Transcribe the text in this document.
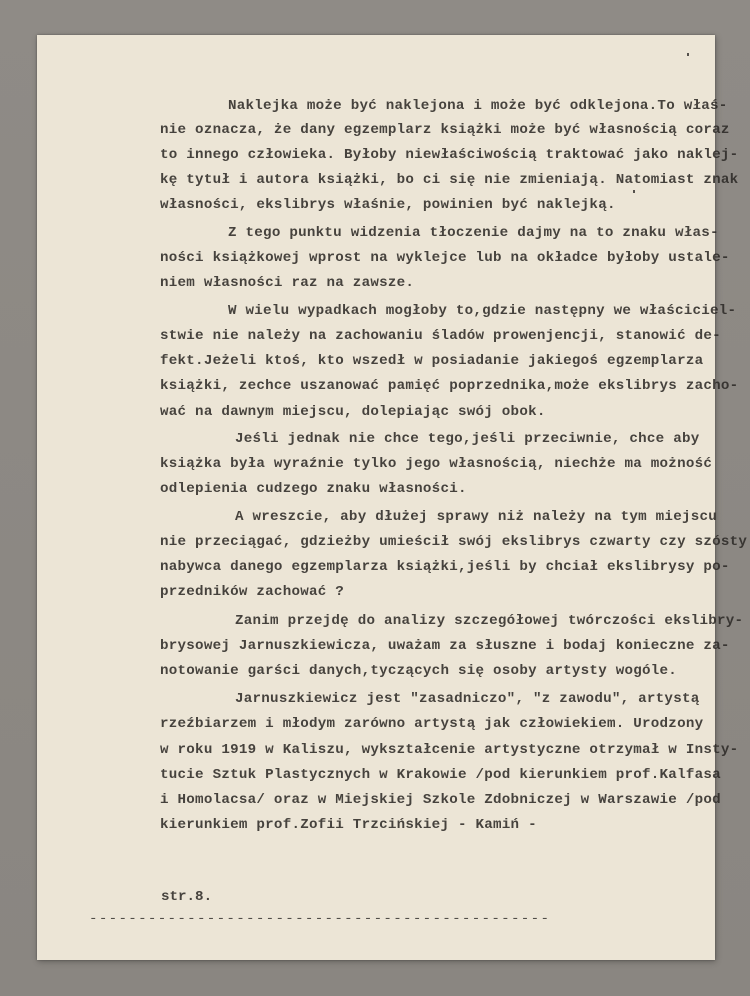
Naklejka może być naklejona i może być odklejona.To właś-
nie oznacza, że dany egzemplarz książki może być własnością coraz
to innego człowieka. Byłoby niewłaściwością traktować jako naklej-
kę tytuł i autora książki, bo ci się nie zmieniają. Natomiast znak
własności, ekslibrys właśnie, powinien być naklejką.
Z tego punktu widzenia tłoczenie dajmy na to znaku włas-
ności książkowej wprost na wyklejce lub na okładce byłoby ustale-
niem własności raz na zawsze.
W wielu wypadkach mogłoby to,gdzie następny we właściciel-
stwie nie należy na zachowaniu śladów prowenjencji, stanowić de-
fekt.Jeżeli ktoś, kto wszedł w posiadanie jakiegoś egzemplarza
książki, zechce uszanować pamięć poprzednika,może ekslibrys zacho-
wać na dawnym miejscu, dolepiając swój obok.
Jeśli jednak nie chce tego,jeśli przeciwnie, chce aby
książka była wyraźnie tylko jego własnością, niechże ma możność
odlepienia cudzego znaku własności.
A wreszcie, aby dłużej sprawy niż należy na tym miejscu
nie przeciągać, gdzieżby umieścił swój ekslibrys czwarty czy szósty
nabywca danego egzemplarza książki,jeśli by chciał ekslibrysy po-
przedników zachować ?
Zanim przejdę do analizy szczegółowej twórczości ekslibry-
brysowej Jarnuszkiewicza, uważam za słuszne i bodaj konieczne za-
notowanie garści danych,tyczących się osoby artysty wogóle.
Jarnuszkiewicz jest "zasadniczo", "z zawodu", artystą
rzeźbiarzem i młodym zarówno artystą jak człowiekiem. Urodzony
w roku 1919 w Kaliszu, wykształcenie artystyczne otrzymał w Insty-
tucie Sztuk Plastycznych w Krakowie /pod kierunkiem prof.Kalfasa
i Homolacsa/ oraz w Miejskiej Szkole Zdobniczej w Warszawie /pod
kierunkiem prof.Zofii Trzcińskiej - Kamiń -
str.8.
-----------------------------------------------
